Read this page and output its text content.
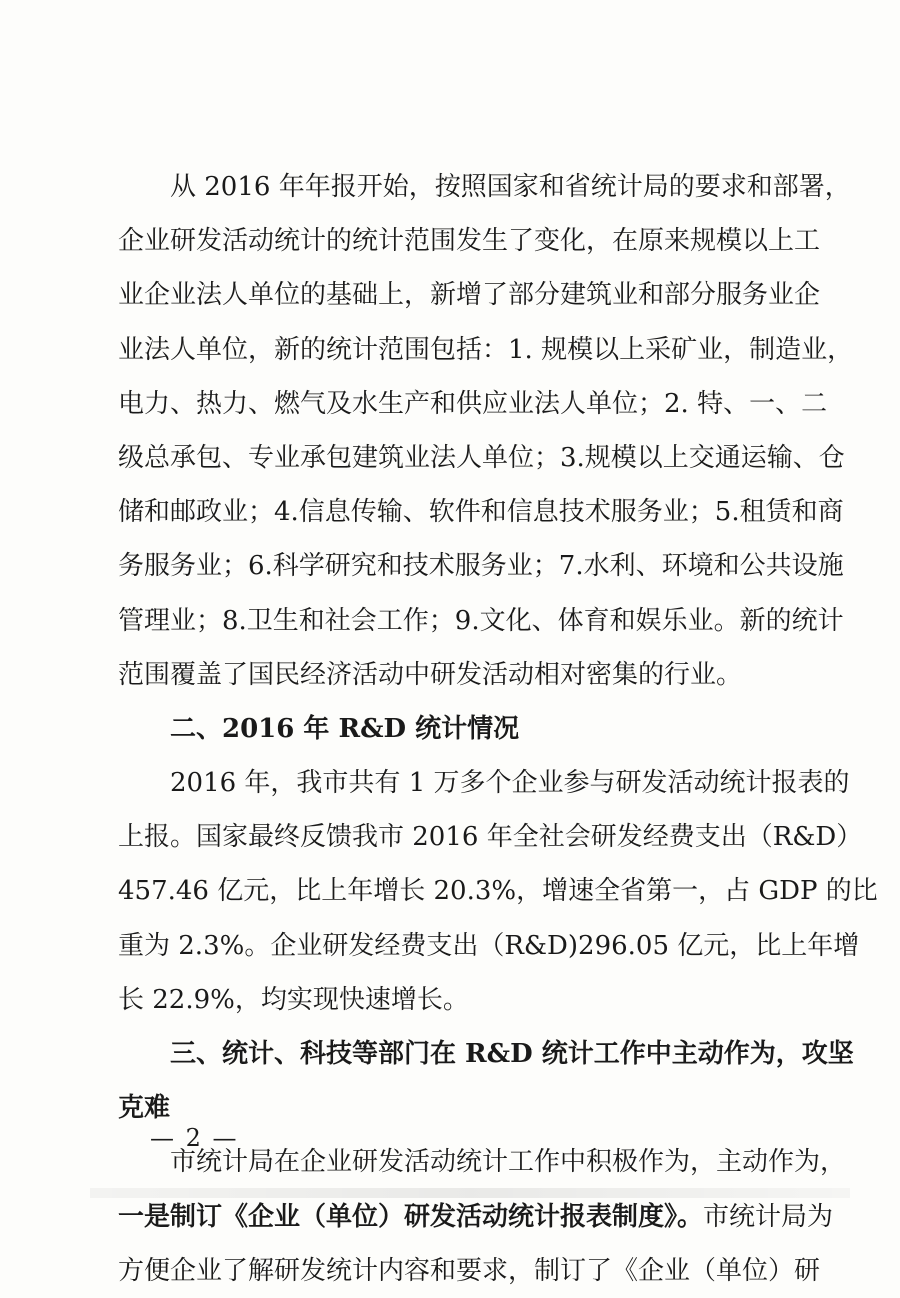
从 2016 年年报开始，按照国家和省统计局的要求和部署，
企业研发活动统计的统计范围发生了变化，在原来规模以上工
业企业法人单位的基础上，新增了部分建筑业和部分服务业企
业法人单位，新的统计范围包括：1. 规模以上采矿业，制造业，
电力、热力、燃气及水生产和供应业法人单位；2. 特、一、二
级总承包、专业承包建筑业法人单位；3.规模以上交通运输、仓
储和邮政业；4.信息传输、软件和信息技术服务业；5.租赁和商
务服务业；6.科学研究和技术服务业；7.水利、环境和公共设施
管理业；8.卫生和社会工作；9.文化、体育和娱乐业。新的统计
范围覆盖了国民经济活动中研发活动相对密集的行业。
二、2016 年 R&D 统计情况
2016 年，我市共有 1 万多个企业参与研发活动统计报表的
上报。国家最终反馈我市 2016 年全社会研发经费支出（R&D）
457.46 亿元，比上年增长 20.3%，增速全省第一，占 GDP 的比
重为 2.3%。企业研发经费支出（R&D)296.05 亿元，比上年增
长 22.9%，均实现快速增长。
三、统计、科技等部门在 R&D 统计工作中主动作为，攻坚
克难
市统计局在企业研发活动统计工作中积极作为，主动作为，
一是制订《企业（单位）研发活动统计报表制度》。市统计局为
方便企业了解研发统计内容和要求，制订了《企业（单位）研
— 2 —
